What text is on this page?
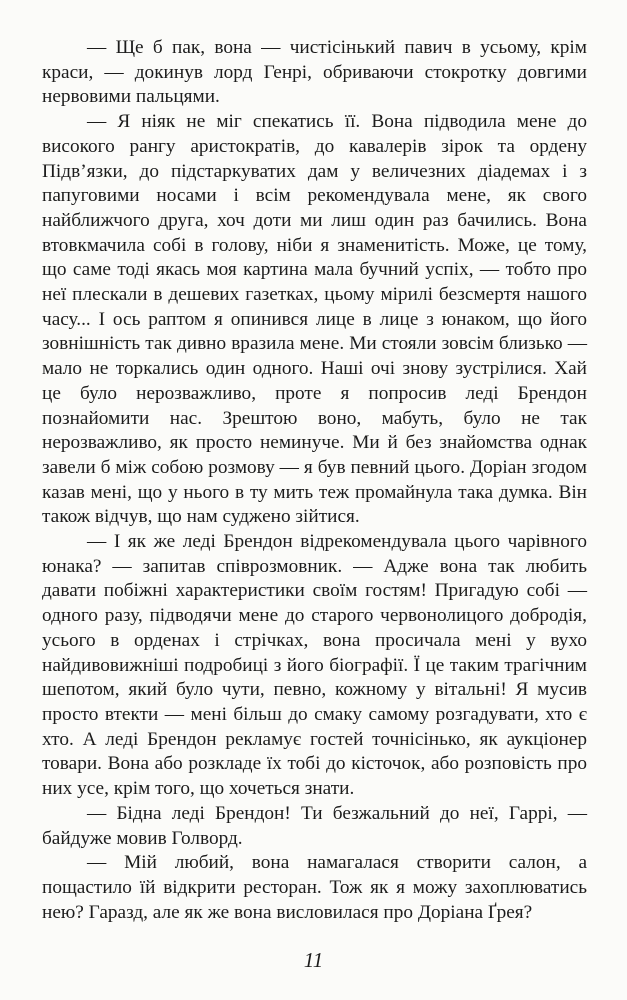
— Ще б пак, вона — чистісінький павич в усьому, крім краси, — докинув лорд Генрі, обриваючи стокротку довгими нервовими пальцями.

— Я ніяк не міг спекатись її. Вона підводила мене до високого рангу аристократів, до кавалерів зірок та ордену Підв’язки, до підстаркуватих дам у величезних діадемах і з папуговими носами і всім рекомендувала мене, як свого найближчого друга, хоч доти ми лиш один раз бачились. Вона втовкмачила собі в голову, ніби я знаменитість. Може, це тому, що саме тоді якась моя картина мала бучний успіх, — тобто про неї плескали в дешевих газетках, цьому мірилі безсмертя нашого часу... І ось раптом я опинився лице в лице з юнаком, що його зовнішність так дивно вразила мене. Ми стояли зовсім близько — мало не торкались один одного. Наші очі знову зустрілися. Хай це було нерозважливо, проте я попросив леді Брендон познайомити нас. Зрештою воно, мабуть, було не так нерозважливо, як просто неминуче. Ми й без знайомства однак завели б між собою розмову — я був певний цього. Доріан згодом казав мені, що у нього в ту мить теж промайнула така думка. Він також відчув, що нам суджено зійтися.

— І як же леді Брендон відрекомендувала цього чарівного юнака? — запитав співрозмовник. — Адже вона так любить давати побіжні характеристики своїм гостям! Пригадую собі — одного разу, підводячи мене до старого червонолицого добродія, усього в орденах і стрічках, вона просичала мені у вухо найдивовижніші подробиці з його біографії. Ї це таким трагічним шепотом, який було чути, певно, кожному у вітальні! Я мусив просто втекти — мені більш до смаку самому розгадувати, хто є хто. А леді Брендон рекламує гостей точнісінько, як аукціонер товари. Вона або розкладе їх тобі до кісточок, або розповість про них усе, крім того, що хочеться знати.

— Бідна леді Брендон! Ти безжальний до неї, Гаррі, — байдуже мовив Голворд.

— Мій любий, вона намагалася створити салон, а пощастило їй відкрити ресторан. Тож як я можу захоплюватись нею? Гаразд, але як же вона висловилася про Доріана Ґрея?

11
